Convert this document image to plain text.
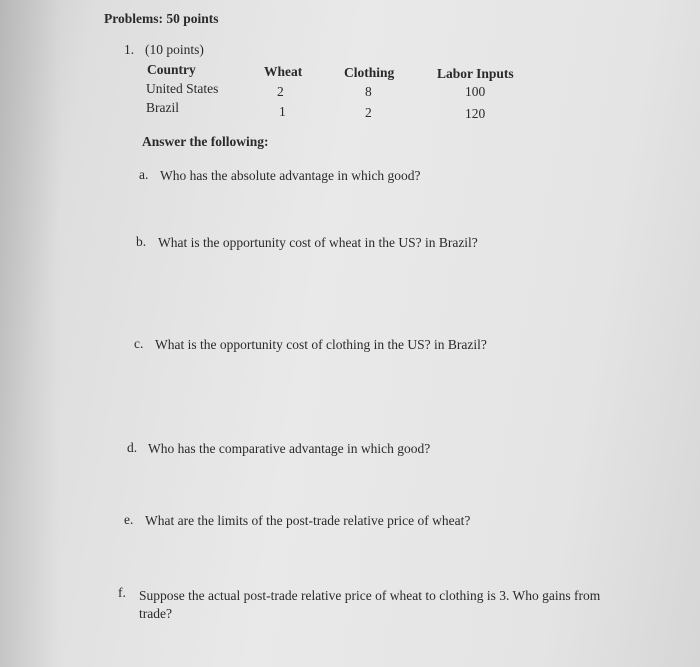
Problems: 50 points
1. (10 points)
Country	Wheat	Clothing	Labor Inputs
United States	2	8	100
Brazil	1	2	120
Answer the following:
a. Who has the absolute advantage in which good?
b. What is the opportunity cost of wheat in the US? in Brazil?
c. What is the opportunity cost of clothing in the US? in Brazil?
d. Who has the comparative advantage in which good?
e. What are the limits of the post-trade relative price of wheat?
f. Suppose the actual post-trade relative price of wheat to clothing is 3. Who gains from
trade?
